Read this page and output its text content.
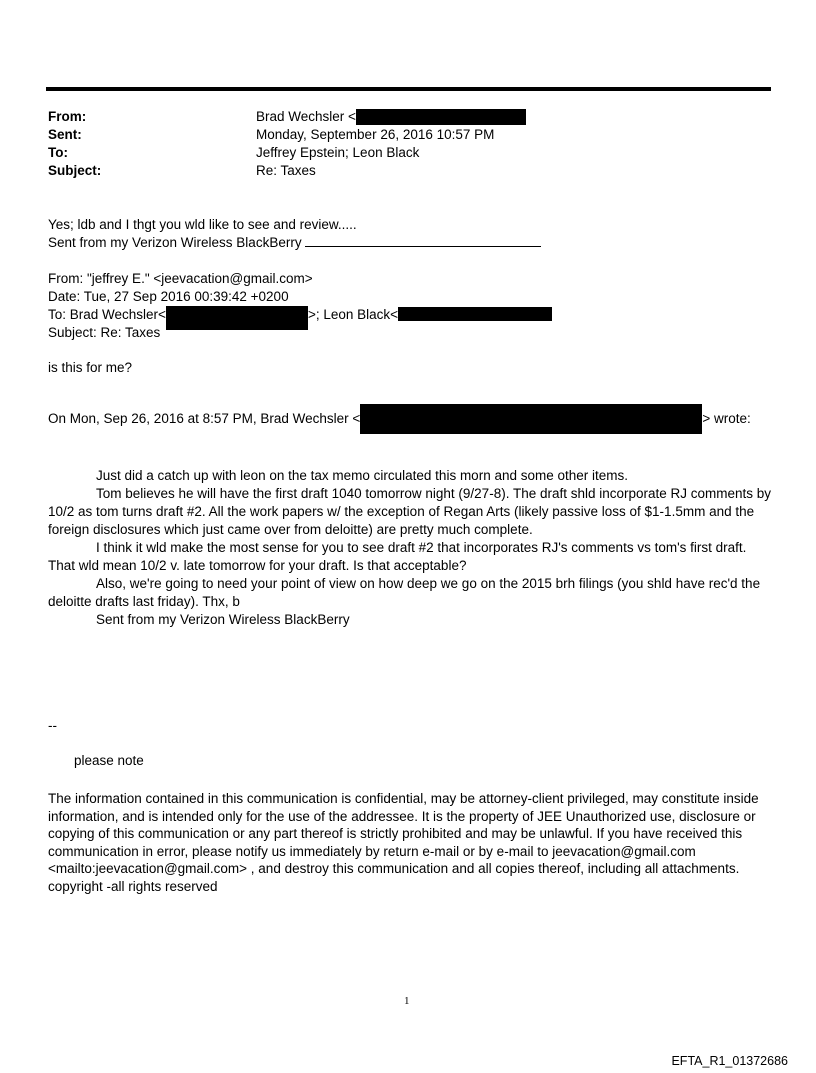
From:	Brad Wechsler <
Sent:	Monday, September 26, 2016 10:57 PM
To:	Jeffrey Epstein; Leon Black
Subject:	Re: Taxes
Yes; ldb and I thgt you wld like to see and review.....
Sent from my Verizon Wireless BlackBerry
From: "jeffrey E." <jeevacation@gmail.com>
Date: Tue, 27 Sep 2016 00:39:42 +0200
To: Brad Wechsler<	>; Leon Black<
Subject: Re: Taxes
is this for me?
On Mon, Sep 26, 2016 at 8:57 PM, Brad Wechsler <	> wrote:

Just did a catch up with leon on the tax memo circulated this morn and some other items.

Tom believes he will have the first draft 1040 tomorrow night (9/27-8). The draft shld incorporate RJ comments by 10/2 as tom turns draft #2. All the work papers w/ the exception of Regan Arts (likely passive loss of $1-1.5mm and the foreign disclosures which just came over from deloitte) are pretty much complete.

I think it wld make the most sense for you to see draft #2 that incorporates RJ's comments vs tom's first draft. That wld mean 10/2 v. late tomorrow for your draft. Is that acceptable?

Also, we're going to need your point of view on how deep we go on the 2015 brh filings (you shld have rec'd the deloitte drafts last friday). Thx, b

Sent from my Verizon Wireless BlackBerry

--
please note
The information contained in this communication is confidential, may be attorney-client privileged, may constitute inside information, and is intended only for the use of the addressee. It is the property of JEE Unauthorized use, disclosure or copying of this communication or any part thereof is strictly prohibited and may be unlawful. If you have received this communication in error, please notify us immediately by return e-mail or by e-mail to jeevacation@gmail.com <mailto:jeevacation@gmail.com> , and destroy this communication and all copies thereof, including all attachments. copyright -all rights reserved
1
EFTA_R1_01372686
